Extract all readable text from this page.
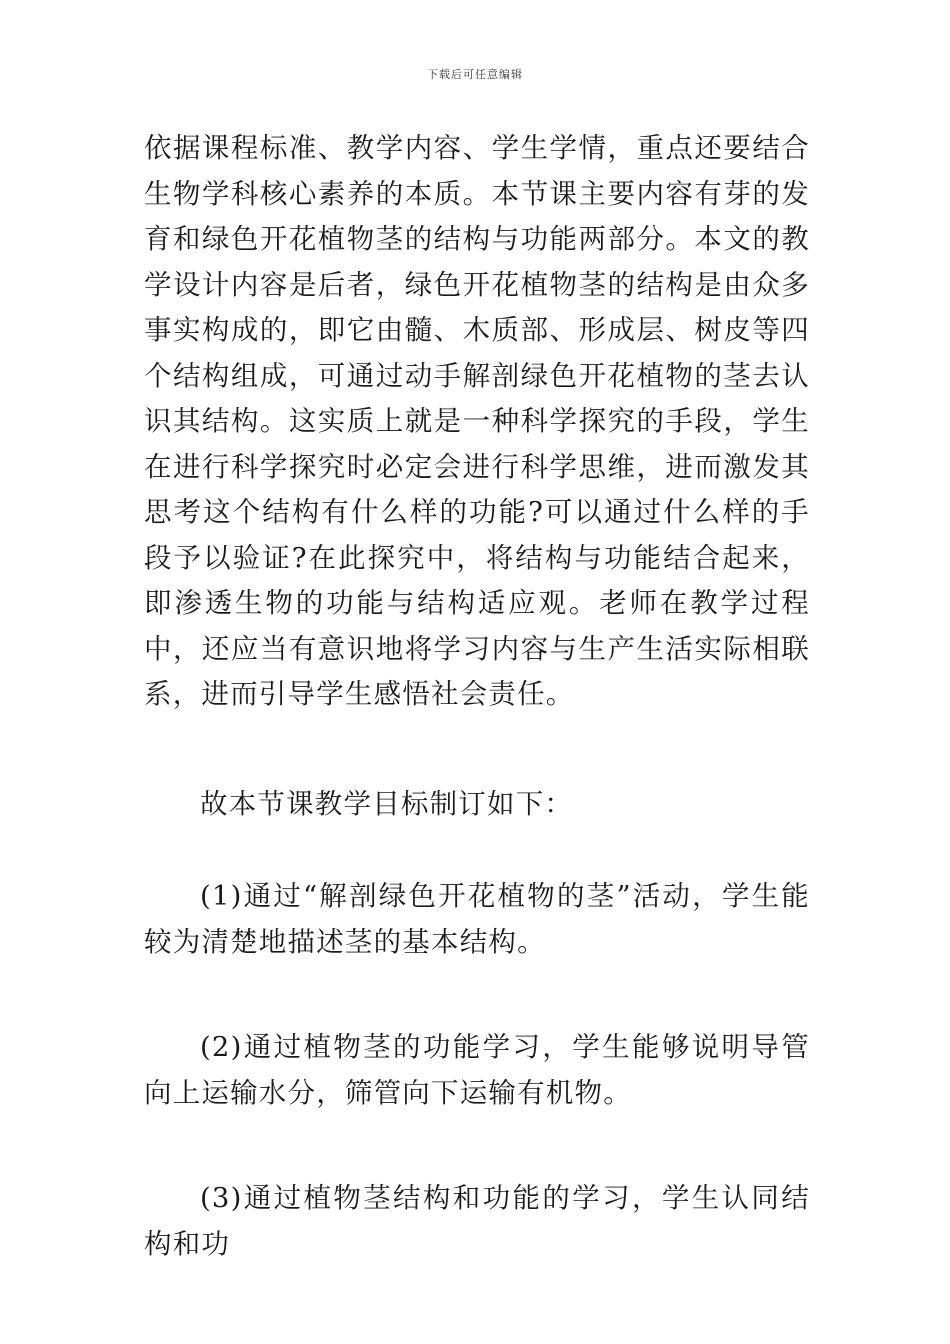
下载后可任意编辑

依据课程标准、教学内容、学生学情，重点还要结合生物学科核心素养的本质。本节课主要内容有芽的发育和绿色开花植物茎的结构与功能两部分。本文的教学设计内容是后者，绿色开花植物茎的结构是由众多事实构成的，即它由髓、木质部、形成层、树皮等四个结构组成，可通过动手解剖绿色开花植物的茎去认识其结构。这实质上就是一种科学探究的手段，学生在进行科学探究时必定会进行科学思维，进而激发其思考这个结构有什么样的功能?可以通过什么样的手段予以验证?在此探究中，将结构与功能结合起来，即渗透生物的功能与结构适应观。老师在教学过程中，还应当有意识地将学习内容与生产生活实际相联系，进而引导学生感悟社会责任。

故本节课教学目标制订如下：

(1)通过“解剖绿色开花植物的茎”活动，学生能较为清楚地描述茎的基本结构。

(2)通过植物茎的功能学习，学生能够说明导管向上运输水分，筛管向下运输有机物。

(3)通过植物茎结构和功能的学习，学生认同结构和功
